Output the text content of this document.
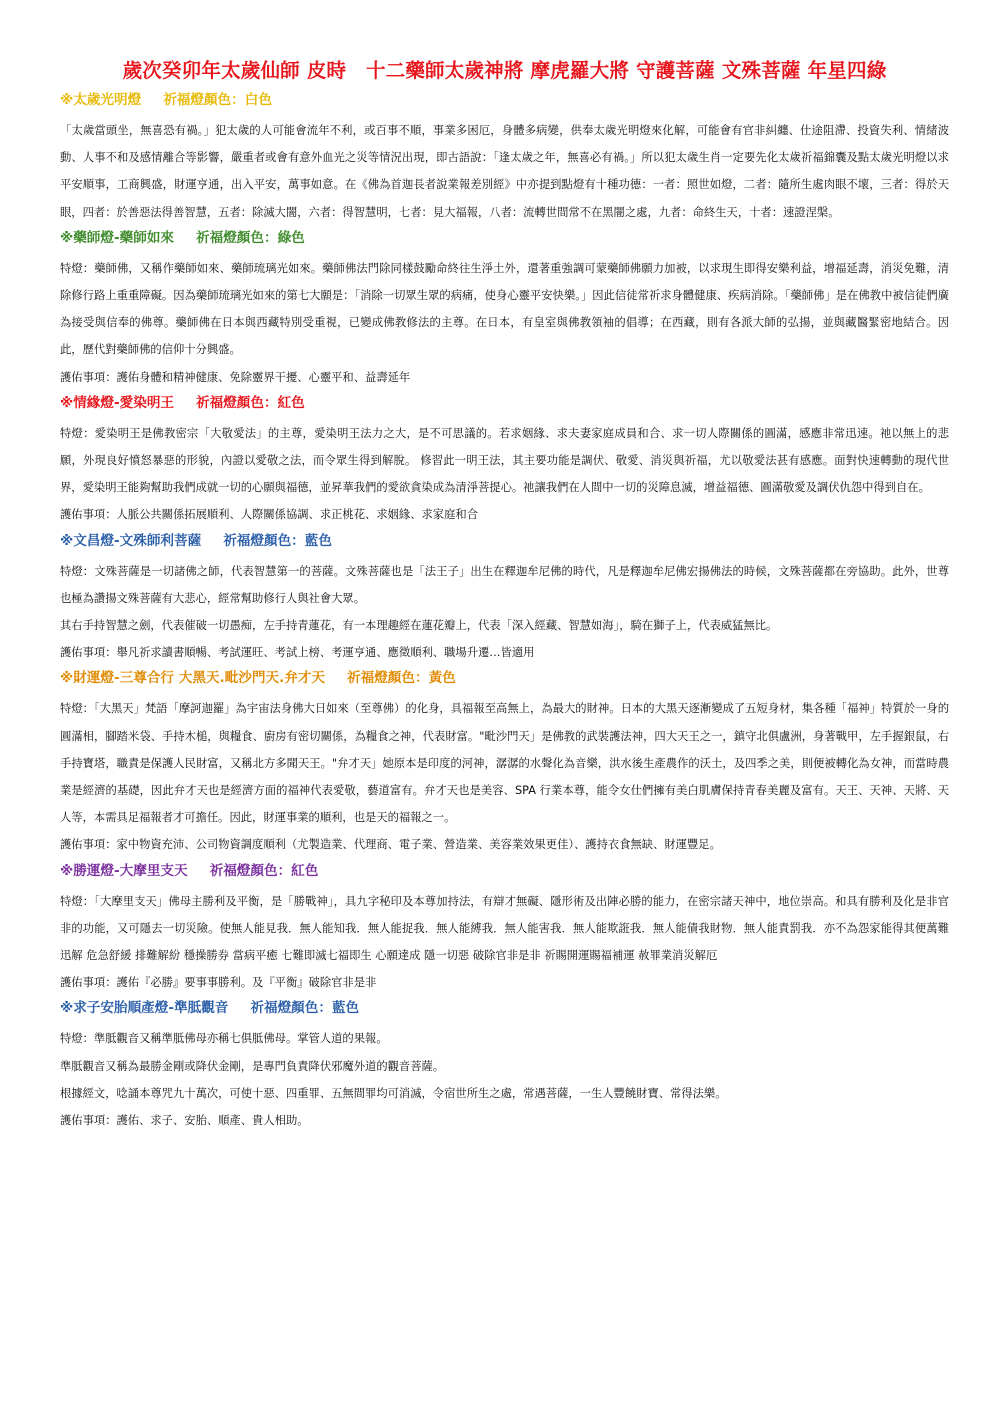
歲次癸卯年太歲仙師 皮時　十二藥師太歲神將 摩虎羅大將 守護菩薩 文殊菩薩 年星四綠
※太歲光明燈 祈福燈顏色：白色

「太歲當頭坐，無喜恐有禍。」犯太歲的人可能會流年不利，或百事不順，事業多困厄，身體多病變，供奉太歲光明燈來化解，可能會有官非糾纏、仕途阻滯、投資失利、情緒波動、人事不和及感情離合等影響，嚴重者或會有意外血光之災等情況出現，即古語說：「逢太歲之年，無喜必有禍。」所以犯太歲生肖一定要先化太歲祈福錦囊及點太歲光明燈以求平安順事，工商興盛，財運亨通，出入平安，萬事如意。在《佛為首迦長者說業報差別經》中亦提到點燈有十種功德：一者：照世如燈，二者：隨所生處肉眼不壞，三者：得於天眼，四者：於善惡法得善智慧，五者：除滅大闇，六者：得智慧明，七者：見大福報，八者：流轉世間常不在黑闇之處，九者：命終生天，十者：速證涅槃。

※藥師燈-藥師如來 祈福燈顏色：綠色

特燈：藥師佛，又稱作藥師如來、藥師琉璃光如來。藥師佛法門除同樣鼓勵命終往生淨土外，還著重強調可蒙藥師佛願力加被，以求現生即得安樂利益，增福延壽，消災免難，清除修行路上重重障礙。因為藥師琉璃光如來的第七大願是：「消除一切眾生眾的病痛，使身心靈平安快樂。」因此信徒常祈求身體健康、疾病消除。「藥師佛」是在佛教中被信徒們廣為接受與信奉的佛尊。藥師佛在日本與西藏特別受重視，已變成佛教修法的主尊。在日本，有皇室與佛教領袖的倡導；在西藏，則有各派大師的弘揚，並與藏醫緊密地結合。因此，歷代對藥師佛的信仰十分興盛。

護佑事項：護佑身體和精神健康、免除靈界干擾、心靈平和、益壽延年

※情緣燈-愛染明王 祈福燈顏色：紅色

特燈：愛染明王是佛教密宗「大敬愛法」的主尊，愛染明王法力之大，是不可思議的。若求姻緣、求夫妻家庭成員和合、求一切人際關係的圓滿，感應非常迅速。祂以無上的悲願，外現良好憤怒暴惡的形貌，內證以愛敬之法，而令眾生得到解脫。 修習此一明王法，其主要功能是調伏、敬愛、消災與祈福，尤以敬愛法甚有感應。面對快速轉動的現代世界，愛染明王能夠幫助我們成就一切的心願與福德，並昇華我們的愛欲貪染成為清淨菩提心。祂讓我們在人間中一切的災障息滅，增益福德、圓滿敬愛及調伏仇怨中得到自在。

護佑事項：人脈公共關係拓展順利、人際關係協調、求正桃花、求姻緣、求家庭和合

※文昌燈-文殊師利菩薩 祈福燈顏色：藍色

特燈：文殊菩薩是一切諸佛之師，代表智慧第一的菩薩。文殊菩薩也是「法王子」出生在釋迦牟尼佛的時代，凡是釋迦牟尼佛宏揚佛法的時候，文殊菩薩都在旁協助。此外，世尊也極為讚揚文殊菩薩有大悲心，經常幫助修行人與社會大眾。

其右手持智慧之劍，代表催破一切愚痴，左手持青蓮花，有一本理趣經在蓮花瓣上，代表「深入經藏、智慧如海」，騎在獅子上，代表威猛無比。

護佑事項：舉凡祈求讀書順暢、考試運旺、考試上榜、考運亨通、應徵順利、職場升遷…皆適用

※財運燈-三尊合行 大黑天.毗沙門天.弁才天 祈福燈顏色：黃色

特燈：「大黑天」梵語「摩訶迦羅」為宇宙法身佛大日如來（至尊佛）的化身，具福報至高無上，為最大的財神。日本的大黑天逐漸變成了五短身材，集各種「福神」特質於一身的圓滿相，腳踏米袋、手持木槌，與糧食、廚房有密切關係，為糧食之神，代表財富。"毗沙門天」是佛教的武裝護法神，四大天王之一，鎮守北俱盧洲，身著戰甲，左手握銀鼠，右手持寶塔，職責是保護人民財富，又稱北方多聞天王。"弁才天」她原本是印度的河神，潺潺的水聲化為音樂，洪水後生產農作的沃土，及四季之美，則便被轉化為女神，而當時農業是經濟的基礎，因此弁才天也是經濟方面的福神代表愛敬，藝道富有。弁才天也是美容、SPA 行業本尊，能令女仕們擁有美白肌膚保持青春美麗及富有。天王、天神、天將、天人等，本需具足福報者才可擔任。因此，財運事業的順利，也是天的福報之一。

護佑事項：家中物資充沛、公司物資調度順利（尤製造業、代理商、電子業、營造業、美容業效果更佳）、護持衣食無缺、財運豐足。

※勝運燈-大摩里支天 祈福燈顏色：紅色

特燈：「大摩里支天」佛母主勝利及平衡，是「勝戰神」，具九字秘印及本尊加持法，有辯才無礙、隱形術及出陣必勝的能力，在密宗諸天神中，地位崇高。和具有勝利及化是非官非的功能，又可隱去一切災險。使無人能見我．無人能知我．無人能捉我．無人能縛我．無人能害我．無人能欺誑我．無人能債我財物．無人能責罰我．亦不為怨家能得其便萬難迅解 危急舒緩 排難解紛 穩操勝券 當病平癒 七難即滅七福即生 心願達成 隱一切惡 破除官非是非 祈賜開運賜福補運 赦罪業消災解厄

護佑事項：護佑『必勝』要事事勝利。及『平衡』破除官非是非

※求子安胎順產燈-準胝觀音 祈福燈顏色：藍色

特燈：準胝觀音又稱準胝佛母亦稱七俱胝佛母。掌管人道的果報。

準胝觀音又稱為最勝金剛或降伏金剛，是專門負責降伏邪魔外道的觀音菩薩。

根據經文，唸誦本尊咒九十萬次，可使十惡、四重罪、五無間罪均可消滅，令宿世所生之處，常遇菩薩，一生人豐饒財寶、常得法樂。

護佑事項：護佑、求子、安胎、順產、貴人相助。
